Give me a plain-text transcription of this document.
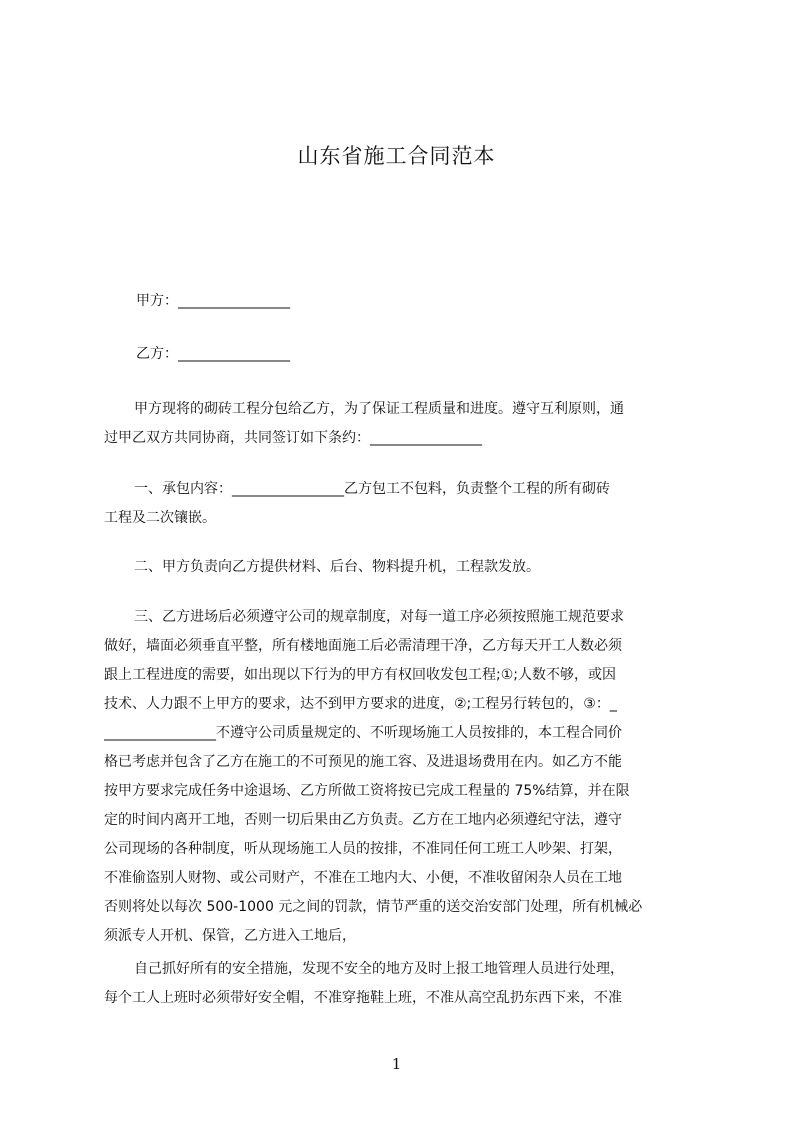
山东省施工合同范本
甲方：________________
乙方：________________
甲方现将的砌砖工程分包给乙方，为了保证工程质量和进度。遵守互利原则，通
过甲乙双方共同协商，共同签订如下条约：________________
一、承包内容：________________乙方包工不包料，负责整个工程的所有砌砖
工程及二次镶嵌。
二、甲方负责向乙方提供材料、后台、物料提升机，工程款发放。
三、乙方进场后必须遵守公司的规章制度，对每一道工序必须按照施工规范要求
做好，墙面必须垂直平整，所有楼地面施工后必需清理干净，乙方每天开工人数必须
跟上工程进度的需要，如出现以下行为的甲方有权回收发包工程;①;人数不够，或因
技术、人力跟不上甲方的要求，达不到甲方要求的进度，②;工程另行转包的，③：_
________________不遵守公司质量规定的、不听现场施工人员按排的，本工程合同价
格已考虑并包含了乙方在施工的不可预见的施工容、及进退场费用在内。如乙方不能
按甲方要求完成任务中途退场、乙方所做工资将按已完成工程量的 75%结算，并在限
定的时间内离开工地，否则一切后果由乙方负责。乙方在工地内必须遵纪守法，遵守
公司现场的各种制度，听从现场施工人员的按排，不准同任何工班工人吵架、打架，
不准偷盗别人财物、或公司财产，不准在工地内大、小便，不准收留闲杂人员在工地
否则将处以每次 500-1000 元之间的罚款，情节严重的送交治安部门处理，所有机械必
须派专人开机、保管，乙方进入工地后，
自己抓好所有的安全措施，发现不安全的地方及时上报工地管理人员进行处理，
每个工人上班时必须带好安全帽，不准穿拖鞋上班，不准从高空乱扔东西下来，不准
1
